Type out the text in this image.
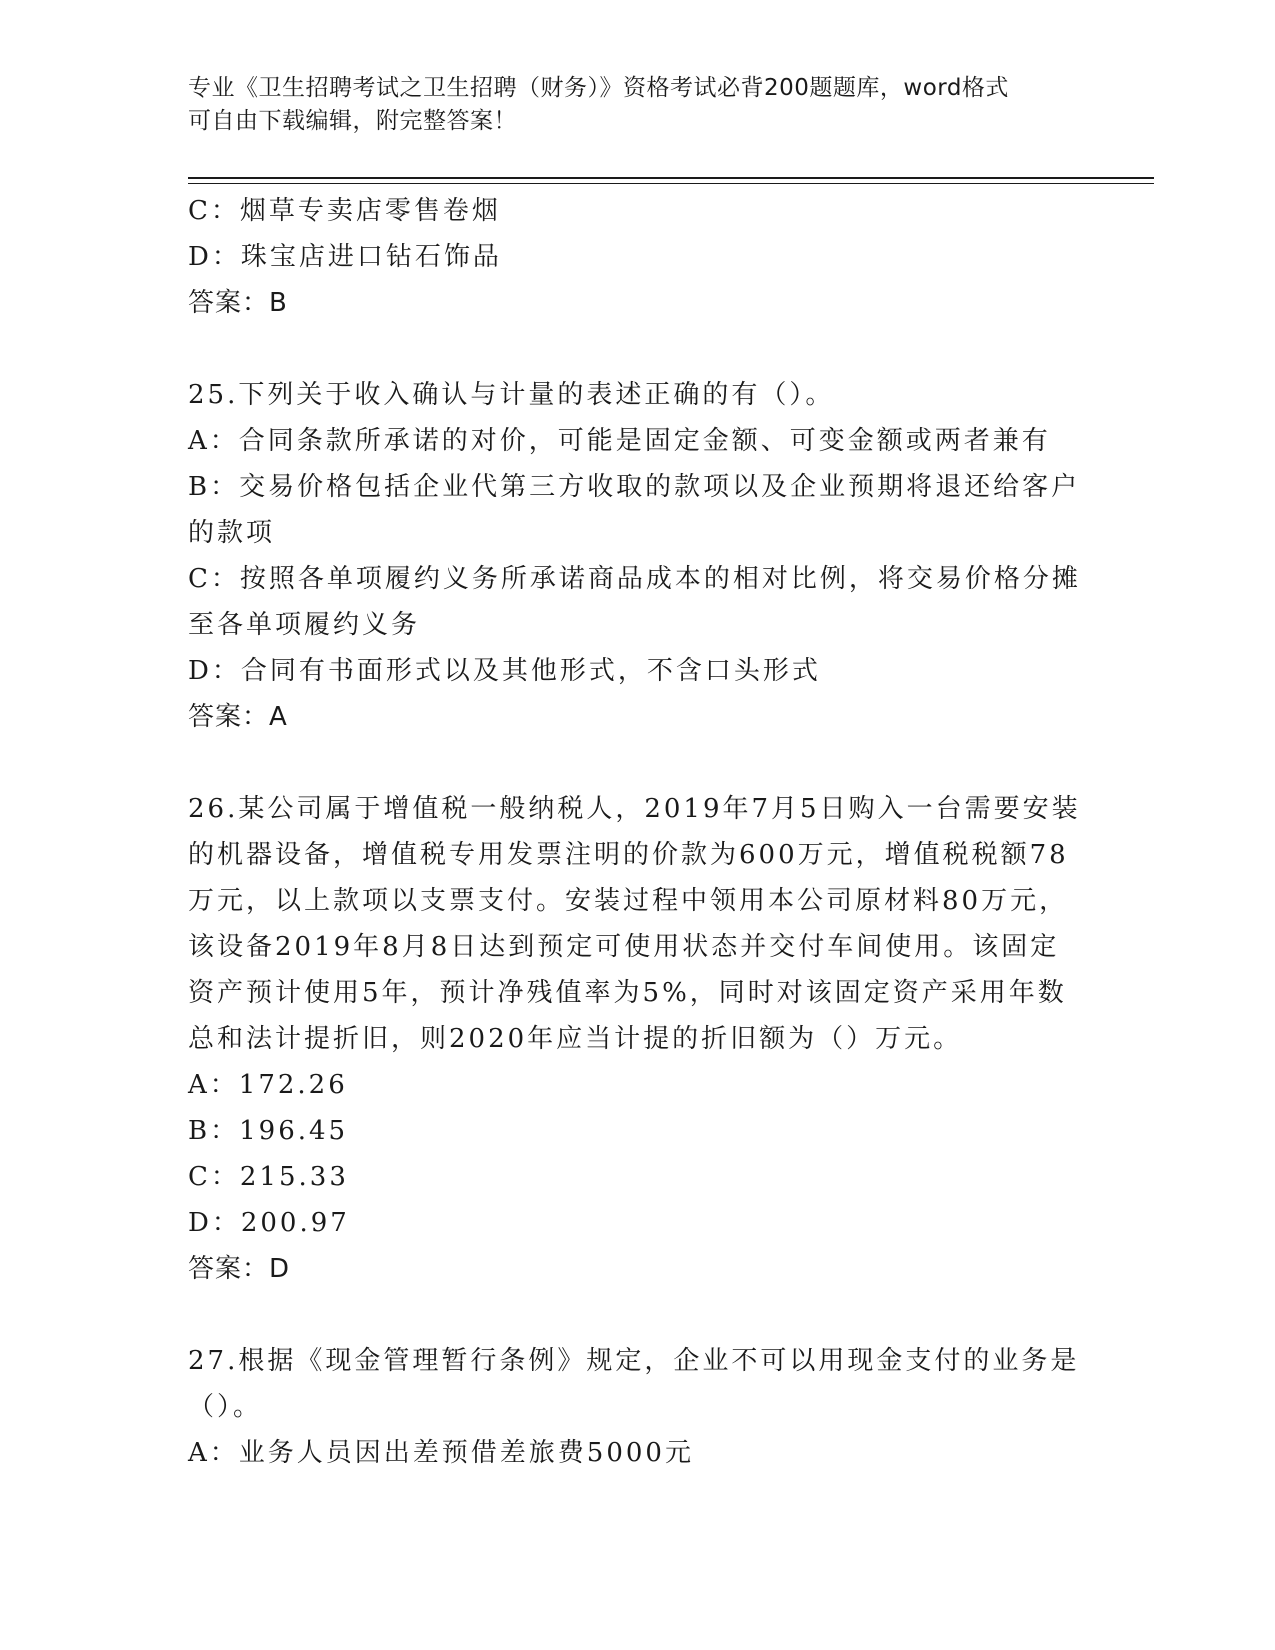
专业《卫生招聘考试之卫生招聘（财务）》资格考试必背200题题库，word格式
可自由下载编辑，附完整答案！
C：烟草专卖店零售卷烟
D：珠宝店进口钻石饰品
答案：B
25.下列关于收入确认与计量的表述正确的有（）。
A：合同条款所承诺的对价，可能是固定金额、可变金额或两者兼有
B：交易价格包括企业代第三方收取的款项以及企业预期将退还给客户
的款项
C：按照各单项履约义务所承诺商品成本的相对比例，将交易价格分摊
至各单项履约义务
D：合同有书面形式以及其他形式，不含口头形式
答案：A
26.某公司属于增值税一般纳税人，2019年7月5日购入一台需要安装
的机器设备，增值税专用发票注明的价款为600万元，增值税税额78
万元，以上款项以支票支付。安装过程中领用本公司原材料80万元，
该设备2019年8月8日达到预定可使用状态并交付车间使用。该固定
资产预计使用5年，预计净残值率为5%，同时对该固定资产采用年数
总和法计提折旧，则2020年应当计提的折旧额为（）万元。
A：172.26
B：196.45
C：215.33
D：200.97
答案：D
27.根据《现金管理暂行条例》规定，企业不可以用现金支付的业务是
（）。
A：业务人员因出差预借差旅费5000元
